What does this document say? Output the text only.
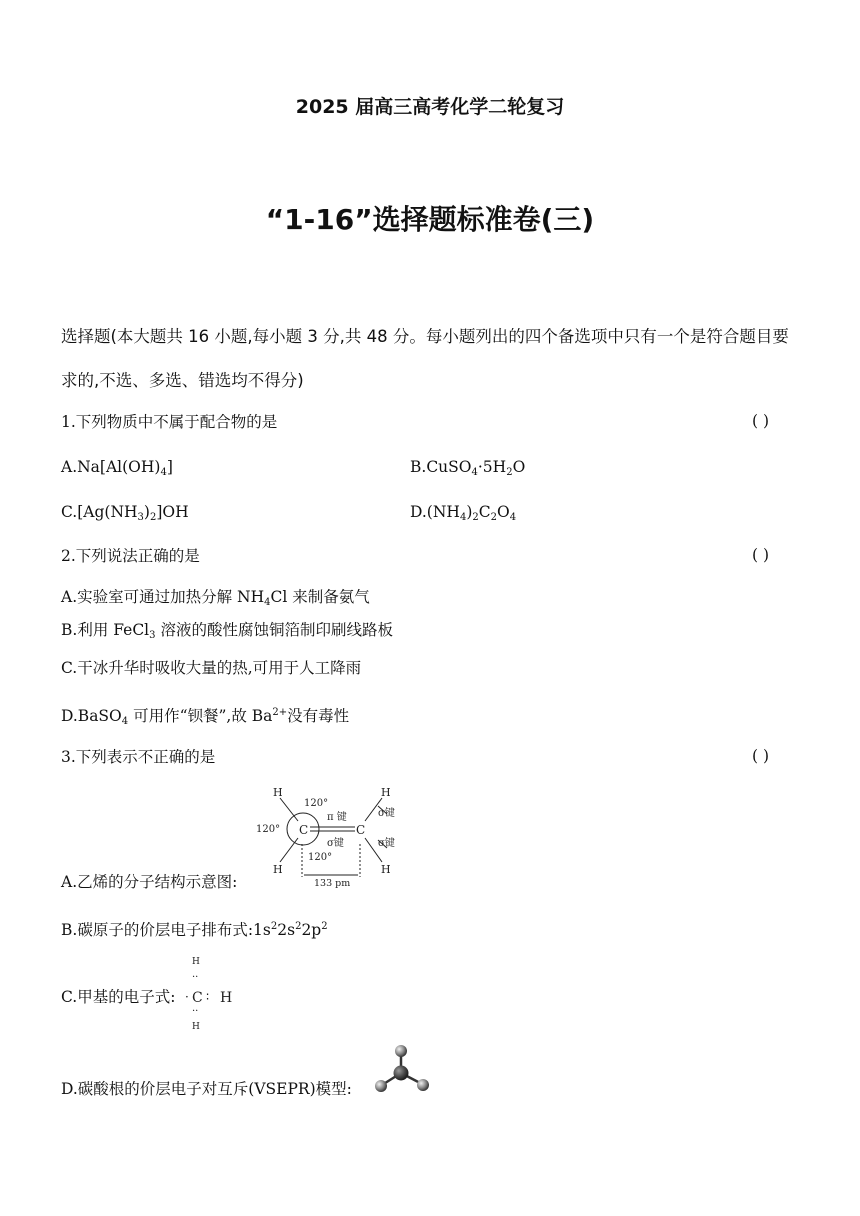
2025 届高三高考化学二轮复习
“1-16”选择题标准卷(三)
选择题(本大题共 16 小题,每小题 3 分,共 48 分。每小题列出的四个备选项中只有一个是符合题目要
求的,不选、多选、错选均不得分)
1.下列物质中不属于配合物的是	( )
$A.Na[Al(OH)_4]$	$B.CuSO_4\cdot 5H_2O$
$C.[Ag(NH_3)_2]OH$	$D.(NH_4)_2C_2O_4$
2.下列说法正确的是	( )
A.实验室可通过加热分解 $NH_4Cl$ 来制备氨气
B.利用 FeCl$_3$ 溶液的酸性腐蚀铜箔制印刷线路板
C.干冰升华时吸收大量的热,可用于人工降雨
D.BaSO$_4$ 可用作“钡餐”,故 $Ba^{2+}$没有毒性
3.下列表示不正确的是	( )
A.乙烯的分子结构示意图:
C	C
H
H
H
H
120°
120°
120°
π 键
σ键
σ键
σ键
133 pm
B.碳原子的价层电子排布式$:1s^22s^22p^2$
C.甲基的电子式:
H
··
· C ∶ H
··
H
D.碳酸根的价层电子对互斥(VSEPR)模型:
